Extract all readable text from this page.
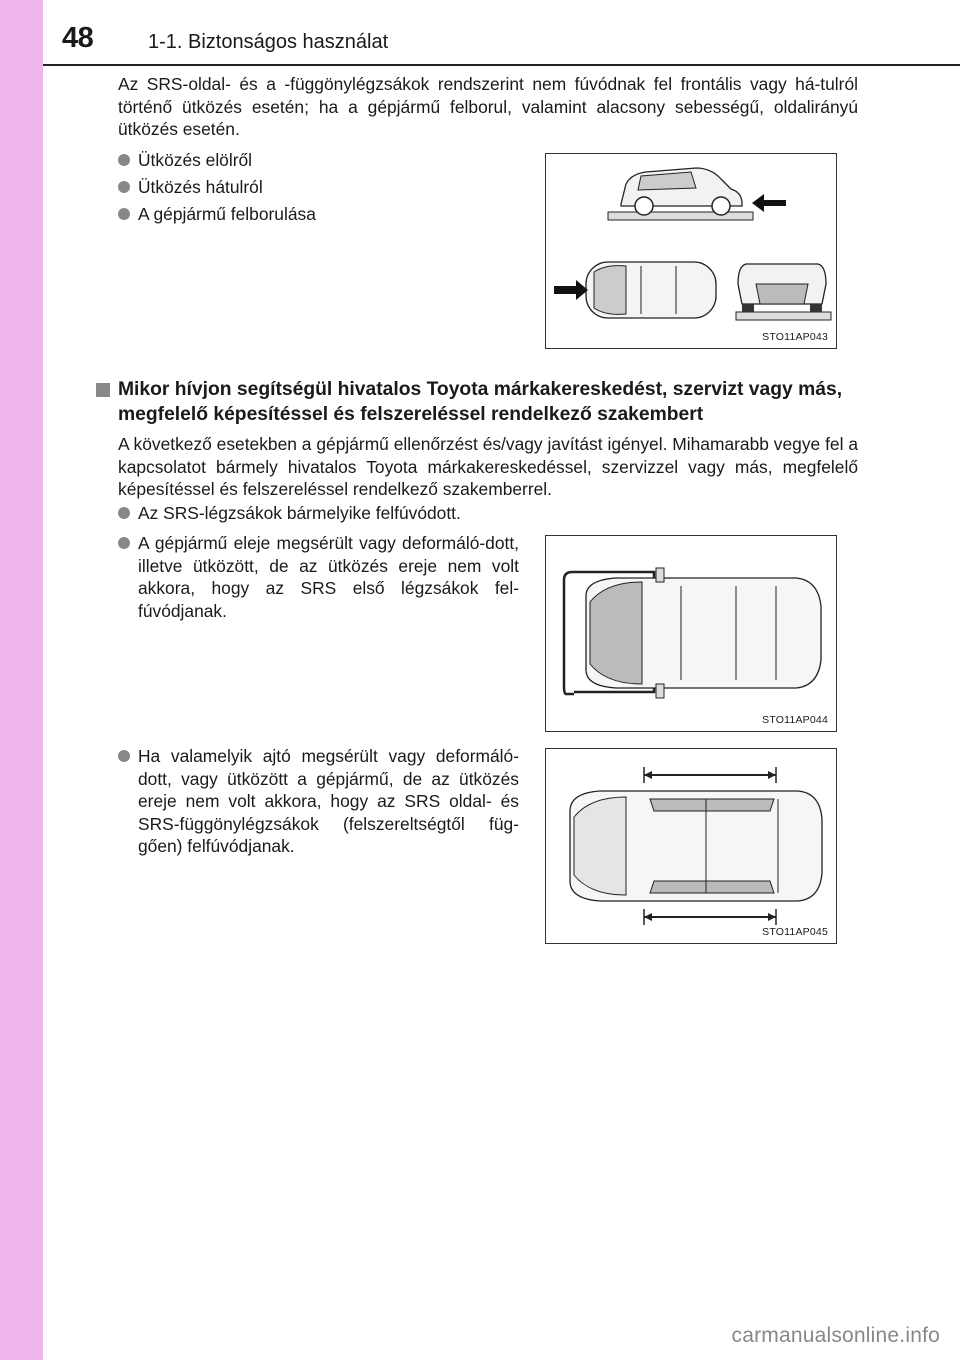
48	1-1. Biztonságos használat
Az SRS-oldal- és a -függönylégzsákok rendszerint nem fúvódnak fel frontális vagy há-tulról történő ütközés esetén; ha a gépjármű felborul, valamint alacsony sebességű, oldalirányú ütközés esetén.
Ütközés elölről
Ütközés hátulról
A gépjármű felborulása
STO11AP043
Mikor hívjon segítségül hivatalos Toyota márkakereskedést, szervizt vagy más, megfelelő képesítéssel és felszereléssel rendelkező szakembert
A következő esetekben a gépjármű ellenőrzést és/vagy javítást igényel. Mihamarabb vegye fel a kapcsolatot bármely hivatalos Toyota márkakereskedéssel, szervizzel vagy más, megfelelő képesítéssel és felszereléssel rendelkező szakemberrel.
Az SRS-légzsákok bármelyike felfúvódott.
A gépjármű eleje megsérült vagy deformáló-dott, illetve ütközött, de az ütközés ereje nem volt akkora, hogy az SRS első légzsákok fel-fúvódjanak.
Ha valamelyik ajtó megsérült vagy deformáló-dott, vagy ütközött a gépjármű, de az ütközés ereje nem volt akkora, hogy az SRS oldal- és SRS-függönylégzsákok (felszereltségtől füg-gően) felfúvódjanak.
STO11AP044
STO11AP045
carmanualsonline.info
